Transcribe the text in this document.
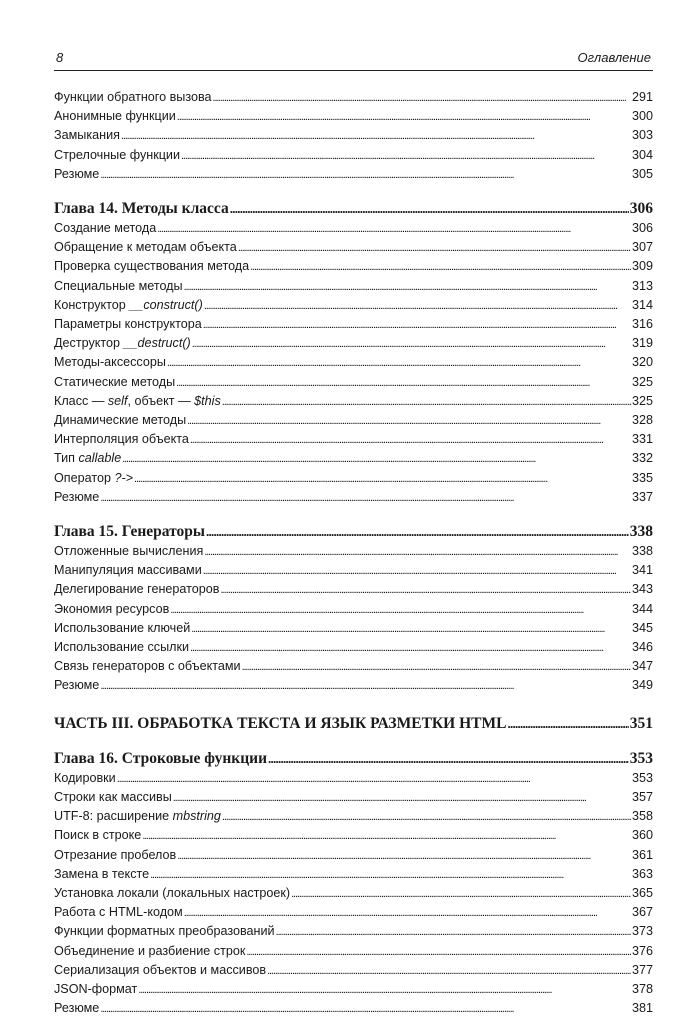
8	Оглавление
Функции обратного вызова . . .	291
Анонимные функции . . .	300
Замыкания . . .	303
Стрелочные функции . . .	304
Резюме . . .	305
Глава 14. Методы класса . . .	306
Создание метода . . .	306
Обращение к методам объекта . . .	307
Проверка существования метода . . .	309
Специальные методы . . .	313
Конструктор __construct() . . .	314
Параметры конструктора . . .	316
Деструктор __destruct() . . .	319
Методы-аксессоры . . .	320
Статические методы . . .	325
Класс — self, объект — $this . . .	325
Динамические методы . . .	328
Интерполяция объекта . . .	331
Тип callable . . .	332
Оператор ?-> . . .	335
Резюме . . .	337
Глава 15. Генераторы . . .	338
Отложенные вычисления . . .	338
Манипуляция массивами . . .	341
Делегирование генераторов . . .	343
Экономия ресурсов . . .	344
Использование ключей . . .	345
Использование ссылки . . .	346
Связь генераторов с объектами . . .	347
Резюме . . .	349
ЧАСТЬ III. ОБРАБОТКА ТЕКСТА И ЯЗЫК РАЗМЕТКИ HTML . . .	351
Глава 16. Строковые функции . . .	353
Кодировки . . .	353
Строки как массивы . . .	357
UTF-8: расширение mbstring . . .	358
Поиск в строке . . .	360
Отрезание пробелов . . .	361
Замена в тексте . . .	363
Установка локали (локальных настроек) . . .	365
Работа с HTML-кодом . . .	367
Функции форматных преобразований . . .	373
Объединение и разбиение строк . . .	376
Сериализация объектов и массивов . . .	377
JSON-формат . . .	378
Резюме . . .	381
